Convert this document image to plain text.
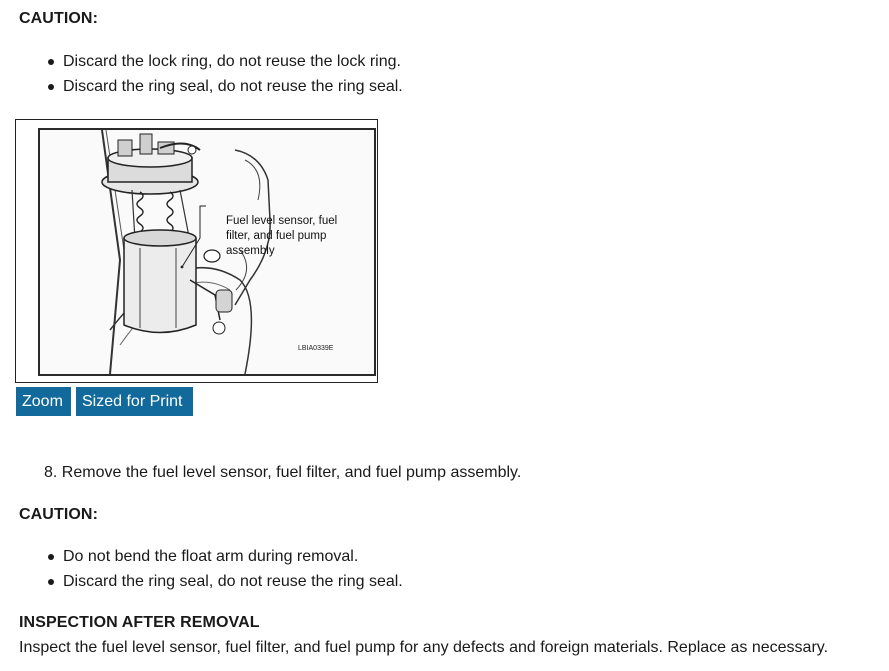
CAUTION:
Discard the lock ring, do not reuse the lock ring.
Discard the ring seal, do not reuse the ring seal.
Fuel level sensor, fuel
filter, and fuel pump
assembly
LBIA0339E
Zoom	Sized for Print
8. Remove the fuel level sensor, fuel filter, and fuel pump assembly.
CAUTION:
Do not bend the float arm during removal.
Discard the ring seal, do not reuse the ring seal.
INSPECTION AFTER REMOVAL
Inspect the fuel level sensor, fuel filter, and fuel pump for any defects and foreign materials. Replace as necessary.
